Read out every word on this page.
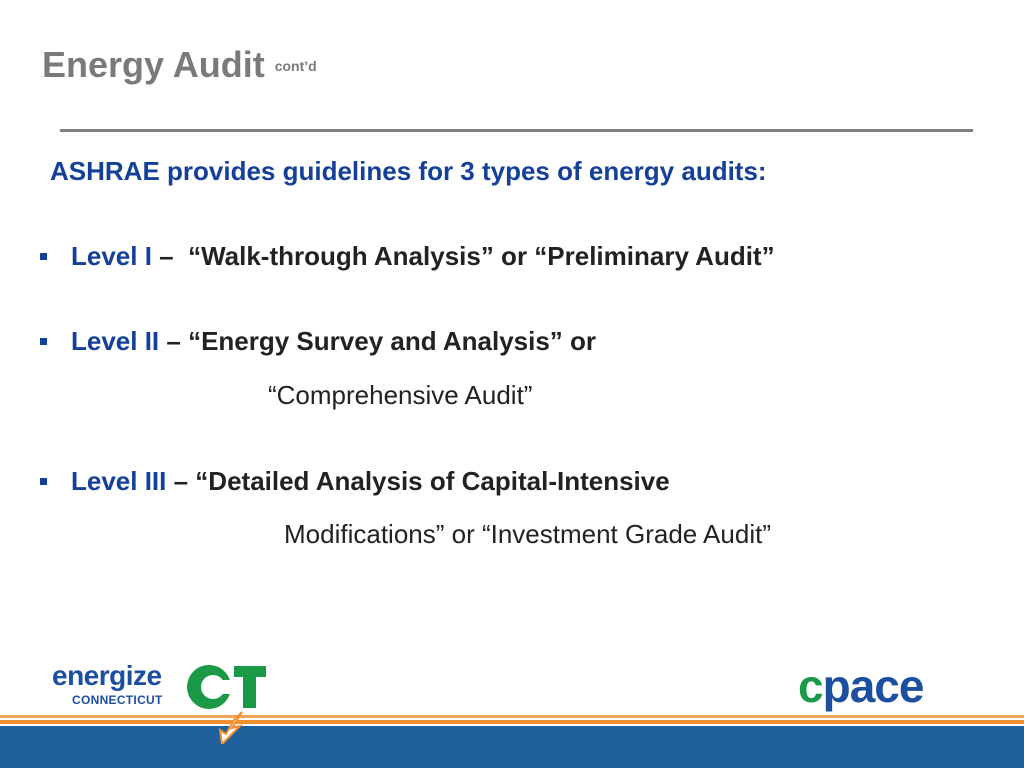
Energy Audit cont’d
ASHRAE provides guidelines for 3 types of energy audits:
Level I –  “Walk-through Analysis” or “Preliminary Audit”
Level II – “Energy Survey and Analysis” or
“Comprehensive Audit”
Level III – “Detailed Analysis of Capital-Intensive
Modifications” or “Investment Grade Audit”
energize
CONNECTICUT	cpace
